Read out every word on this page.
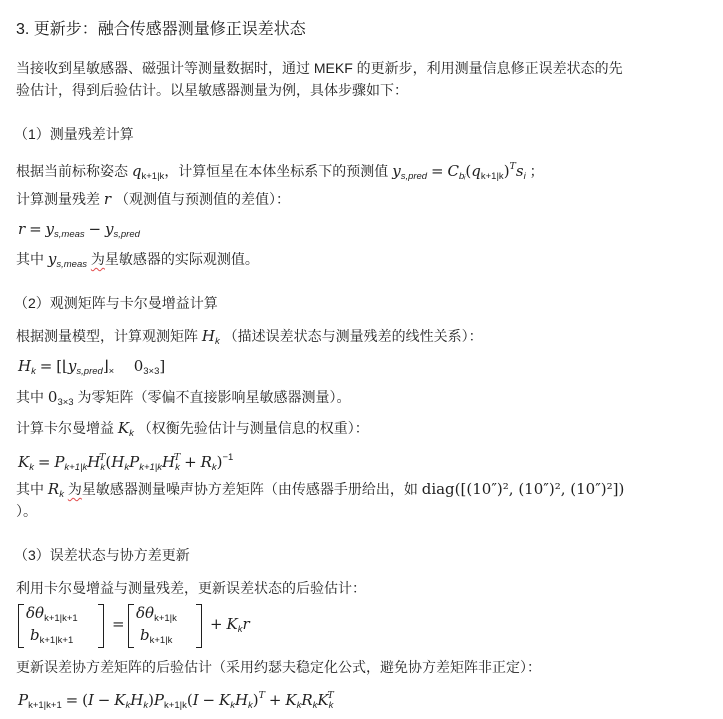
3. 更新步：融合传感器测量修正误差状态
当接收到星敏感器、磁强计等测量数据时，通过 MEKF 的更新步，利用测量信息修正误差状态的先
验估计，得到后验估计。以星敏感器测量为例，具体步骤如下：
（1）测量残差计算
根据当前标称姿态 $q_{k+1|k}$，计算恒星在本体坐标系下的预测值 $y_{s,pred} = C_{bᵢ}(q_{k+1|k})^Ts_i$ ；
计算测量残差 r （观测值与预测值的差值）：
$r = y_{s,meas} - y_{s,pred}$
其中 $y_{s,meas}$ 为星敏感器的实际观测值。
（2）观测矩阵与卡尔曼增益计算
根据测量模型，计算观测矩阵 $H_k$ （描述误差状态与测量残差的线性关系）：
$H_k$ = [$⌊y_{s,pred}⌋_\times$ $0_{3\times 3}$]
其中 $0_{3\times 3}$ 为零矩阵（零偏不直接影响星敏感器测量）。
计算卡尔曼增益 $K_k$ （权衡先验估计与测量信息的权重）：
$K_k = P_{k+1|k}H_k^T(H_kP_{k+1|k}H_k^T + R_k)^{-1}$
其中 $R_k$ 为星敏感器测量噪声协方差矩阵（由传感器手册给出，如 diag([(10″)², (10″)², (10″)²])
）。
（3）误差状态与协方差更新
利用卡尔曼增益与测量残差，更新误差状态的后验估计：
$\delta\theta_{k+1|k+1}$
$b_{k+1|k+1}$
=
$\delta\theta_{k+1|k}$
$b_{k+1|k}$
+ $K_kr$
更新误差协方差矩阵的后验估计（采用约瑟夫稳定化公式，避免协方差矩阵非正定）：
$P_{k+1|k+1} = (I - K_kH_k)P_{k+1|k}(I - K_kH_k)^T + K_kR_kK_k^T$
